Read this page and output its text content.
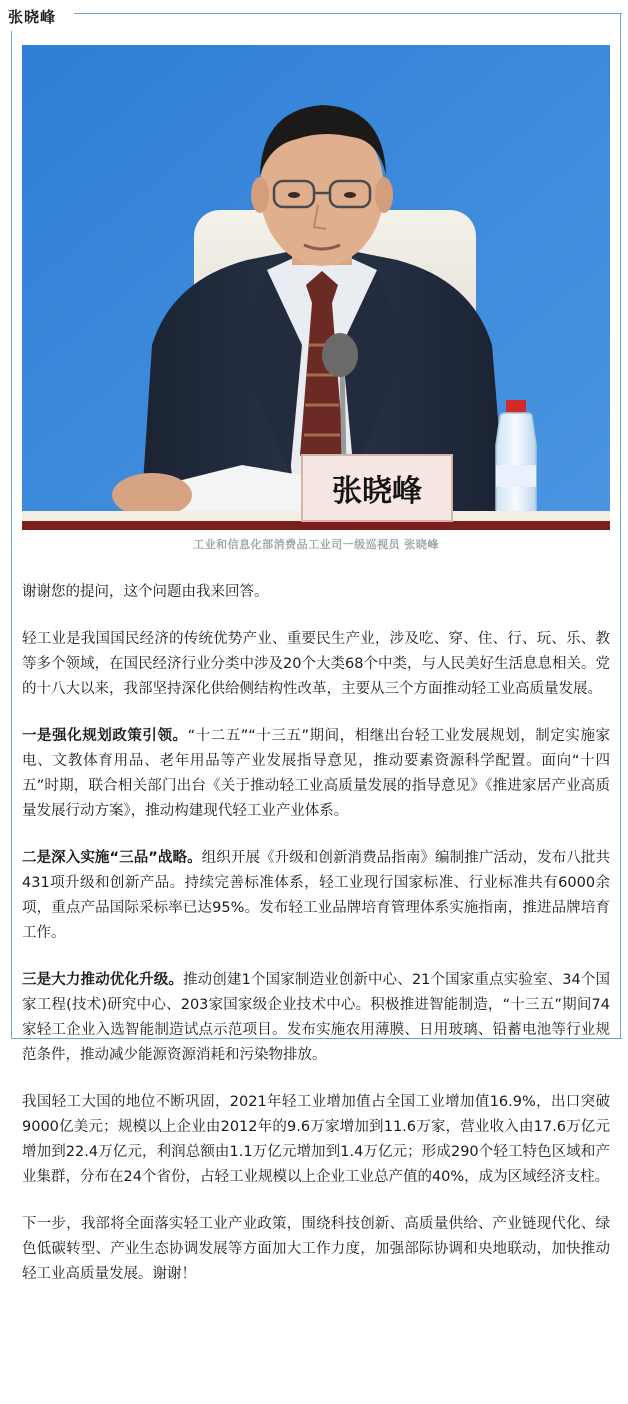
张晓峰
张晓峰
工业和信息化部消费品工业司一级巡视员 张晓峰

谢谢您的提问，这个问题由我来回答。

轻工业是我国国民经济的传统优势产业、重要民生产业，涉及吃、穿、住、行、玩、乐、教等多个领域，在国民经济行业分类中涉及20个大类68个中类，与人民美好生活息息相关。党的十八大以来，我部坚持深化供给侧结构性改革，主要从三个方面推动轻工业高质量发展。

一是强化规划政策引领。“十二五”“十三五”期间，相继出台轻工业发展规划，制定实施家电、文教体育用品、老年用品等产业发展指导意见，推动要素资源科学配置。面向“十四五”时期，联合相关部门出台《关于推动轻工业高质量发展的指导意见》《推进家居产业高质量发展行动方案》，推动构建现代轻工业产业体系。

二是深入实施“三品”战略。组织开展《升级和创新消费品指南》编制推广活动，发布八批共431项升级和创新产品。持续完善标准体系，轻工业现行国家标准、行业标准共有6000余项，重点产品国际采标率已达95%。发布轻工业品牌培育管理体系实施指南，推进品牌培育工作。

三是大力推动优化升级。推动创建1个国家制造业创新中心、21个国家重点实验室、34个国家工程(技术)研究中心、203家国家级企业技术中心。积极推进智能制造，“十三五”期间74家轻工企业入选智能制造试点示范项目。发布实施农用薄膜、日用玻璃、铅蓄电池等行业规范条件，推动减少能源资源消耗和污染物排放。

我国轻工大国的地位不断巩固，2021年轻工业增加值占全国工业增加值16.9%，出口突破9000亿美元；规模以上企业由2012年的9.6万家增加到11.6万家，营业收入由17.6万亿元增加到22.4万亿元，利润总额由1.1万亿元增加到1.4万亿元；形成290个轻工特色区域和产业集群，分布在24个省份，占轻工业规模以上企业工业总产值的40%，成为区域经济支柱。

下一步，我部将全面落实轻工业产业政策，围绕科技创新、高质量供给、产业链现代化、绿色低碳转型、产业生态协调发展等方面加大工作力度，加强部际协调和央地联动，加快推动轻工业高质量发展。谢谢！
